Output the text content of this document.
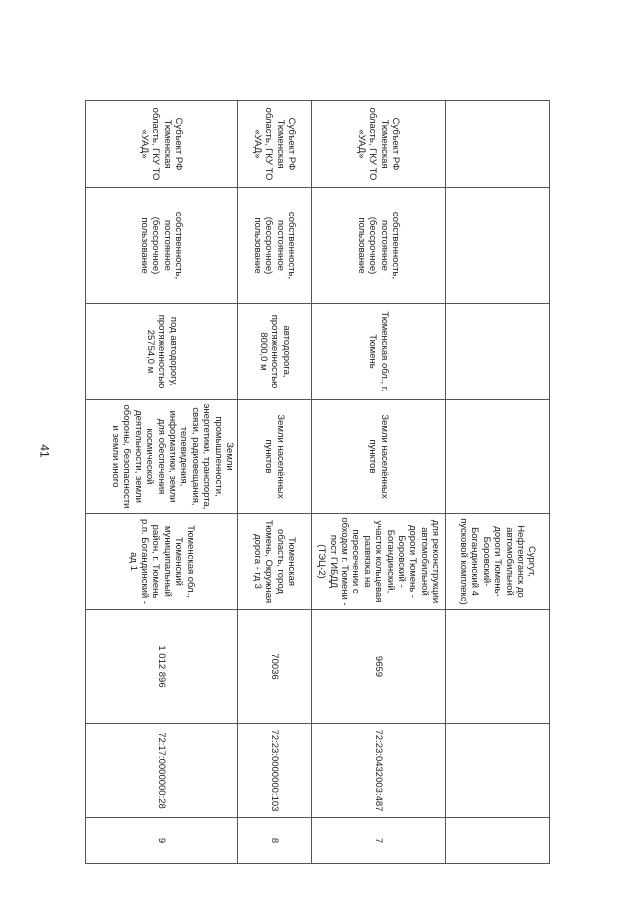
41
				Сургут, Нефтеюганск до автомобильной дороги Тюмень-Боровский-Богандинский 4 пусковой комплекс)			
Субъект РФ Тюменская область, ГКУ ТО «УАД»	собственность, постоянное (бессрочное) пользование	Тюменская обл., г. Тюмень	Земли населённых пунктов	для реконструкции автомобильной дороги Тюмень - Боровский - Богандинский, участок кольцевая развязка на пересечении с обходом г. Тюмени - пост ГИБДД (ТЭЦ-2)	9659	72:23:0432003:487	7
Субъект РФ Тюменская область, ГКУ ТО «УАД»	собственность, постоянное (бессрочное) пользование	автодорога, протяженностью 8000,0 м	Земли населённых пунктов	Тюменская область, город Тюмень, Окружная дорога - гд 3	70036	72:23:0000000:103	8
Субъект РФ Тюменская область, ГКУ ТО «УАД»	собственность, постоянное (бессрочное) пользование	под автодорогу, протяженностью 25754,0 м	Земли промышленности, энергетики, транспорта, связи, радиовещания, телевидения, информатики, земли для обеспечения космической деятельности, земли обороны, безопасности и земли иного	Тюменская обл., Тюменский муниципальный район, г. Тюмень р.п. Богандинский - ад 1	1 012 896	72:17:0000000:28	9
